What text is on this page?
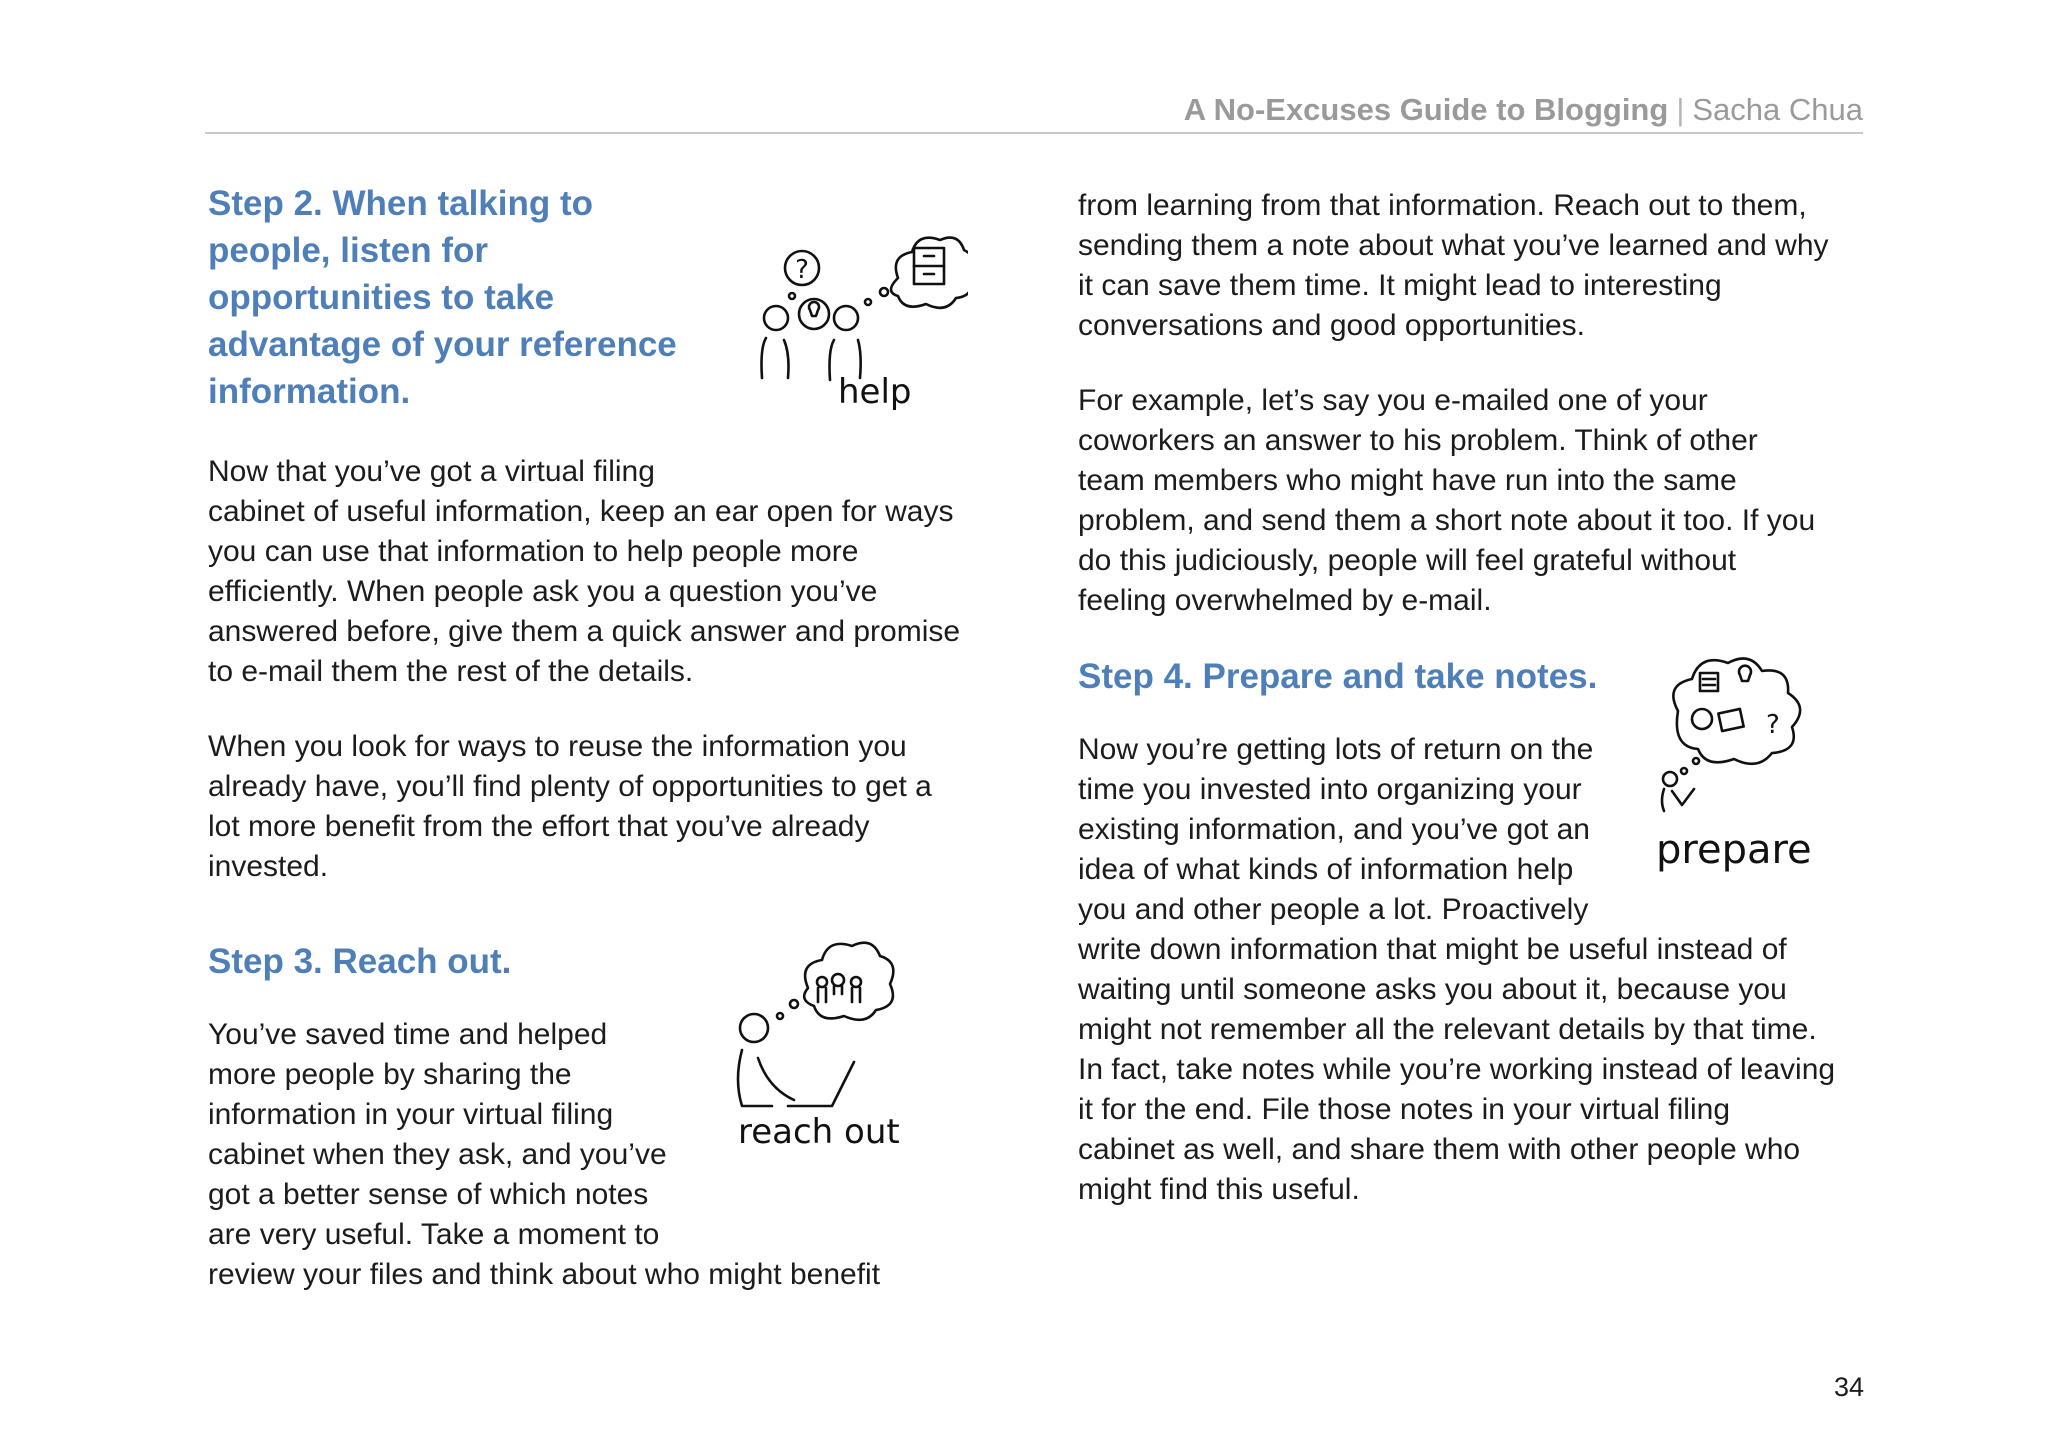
A No-Excuses Guide to Blogging | Sacha Chua
Step 2. When talking to
people, listen for
opportunities to take
advantage of your reference
information.
?
help

Now that you’ve got a virtual filing
cabinet of useful information, keep an ear open for ways
you can use that information to help people more
efficiently. When people ask you a question you’ve
answered before, give them a quick answer and promise
to e-mail them the rest of the details.

When you look for ways to reuse the information you
already have, you’ll find plenty of opportunities to get a
lot more benefit from the effort that you’ve already
invested.

Step 3. Reach out.
reach out

You’ve saved time and helped
more people by sharing the
information in your virtual filing
cabinet when they ask, and you’ve
got a better sense of which notes
are very useful. Take a moment to
review your files and think about who might benefit

from learning from that information. Reach out to them,
sending them a note about what you’ve learned and why
it can save them time. It might lead to interesting
conversations and good opportunities.

For example, let’s say you e-mailed one of your
coworkers an answer to his problem. Think of other
team members who might have run into the same
problem, and send them a short note about it too. If you
do this judiciously, people will feel grateful without
feeling overwhelmed by e-mail.

Step 4. Prepare and take notes.
?
prepare

Now you’re getting lots of return on the
time you invested into organizing your
existing information, and you’ve got an
idea of what kinds of information help
you and other people a lot. Proactively
write down information that might be useful instead of
waiting until someone asks you about it, because you
might not remember all the relevant details by that time.
In fact, take notes while you’re working instead of leaving
it for the end. File those notes in your virtual filing
cabinet as well, and share them with other people who
might find this useful.

34
